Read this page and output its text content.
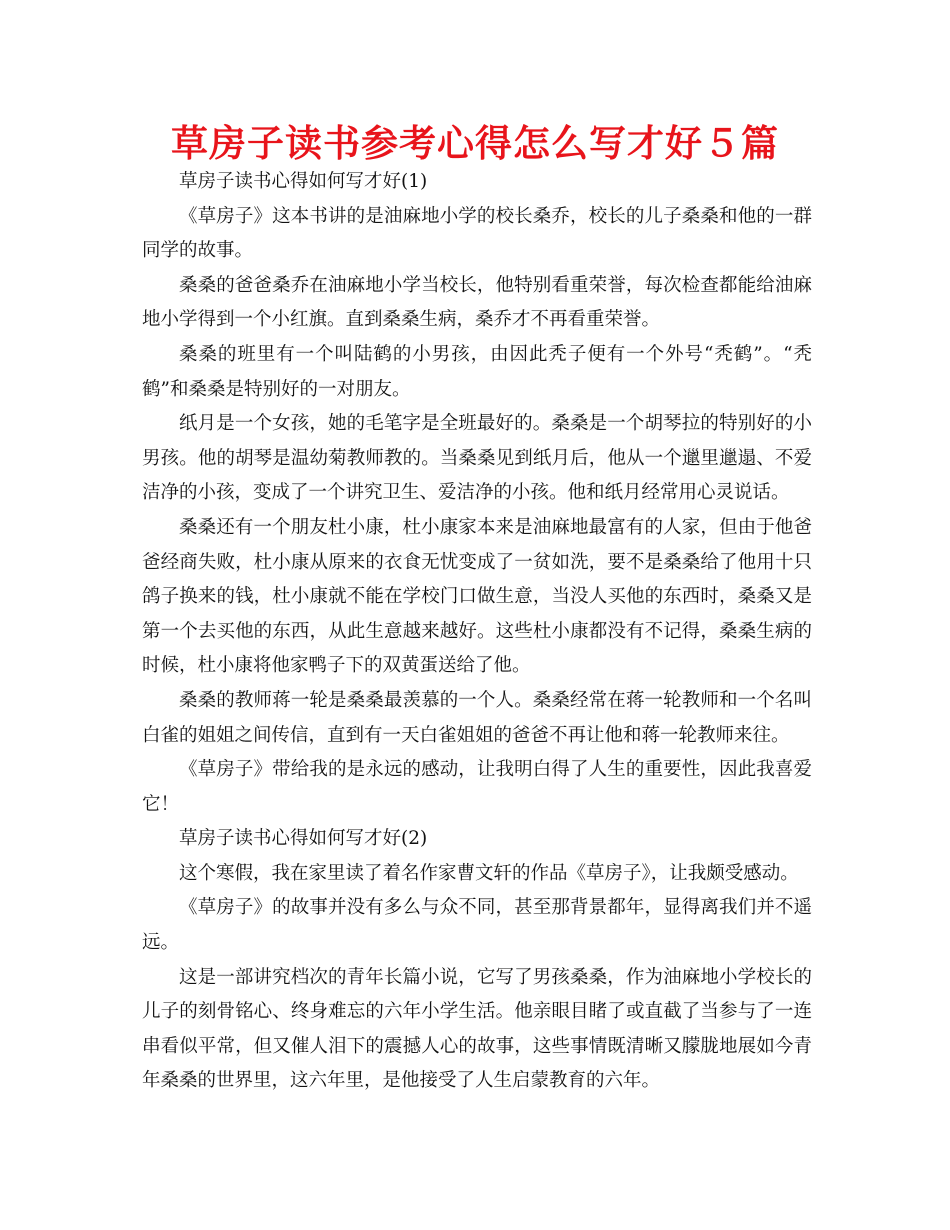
草房子读书参考心得怎么写才好５篇

草房子读书心得如何写才好(1)

《草房子》这本书讲的是油麻地小学的校长桑乔，校长的儿子桑桑和他的一群同学的故事。

桑桑的爸爸桑乔在油麻地小学当校长，他特别看重荣誉，每次检查都能给油麻地小学得到一个小红旗。直到桑桑生病，桑乔才不再看重荣誉。

桑桑的班里有一个叫陆鹤的小男孩，由因此秃子便有一个外号“秃鹤”。“秃鹤”和桑桑是特别好的一对朋友。

纸月是一个女孩，她的毛笔字是全班最好的。桑桑是一个胡琴拉的特别好的小男孩。他的胡琴是温幼菊教师教的。当桑桑见到纸月后，他从一个邋里邋遢、不爱洁净的小孩，变成了一个讲究卫生、爱洁净的小孩。他和纸月经常用心灵说话。

桑桑还有一个朋友杜小康，杜小康家本来是油麻地最富有的人家，但由于他爸爸经商失败，杜小康从原来的衣食无忧变成了一贫如洗，要不是桑桑给了他用十只鸽子换来的钱，杜小康就不能在学校门口做生意，当没人买他的东西时，桑桑又是第一个去买他的东西，从此生意越来越好。这些杜小康都没有不记得，桑桑生病的时候，杜小康将他家鸭子下的双黄蛋送给了他。

桑桑的教师蒋一轮是桑桑最羡慕的一个人。桑桑经常在蒋一轮教师和一个名叫白雀的姐姐之间传信，直到有一天白雀姐姐的爸爸不再让他和蒋一轮教师来往。

《草房子》带给我的是永远的感动，让我明白得了人生的重要性，因此我喜爱它！

草房子读书心得如何写才好(2)

这个寒假，我在家里读了着名作家曹文轩的作品《草房子》，让我颇受感动。

《草房子》的故事并没有多么与众不同，甚至那背景都年，显得离我们并不遥远。

这是一部讲究档次的青年长篇小说，它写了男孩桑桑，作为油麻地小学校长的儿子的刻骨铭心、终身难忘的六年小学生活。他亲眼目睹了或直截了当参与了一连串看似平常，但又催人泪下的震撼人心的故事，这些事情既清晰又朦胧地展如今青年桑桑的世界里，这六年里，是他接受了人生启蒙教育的六年。
